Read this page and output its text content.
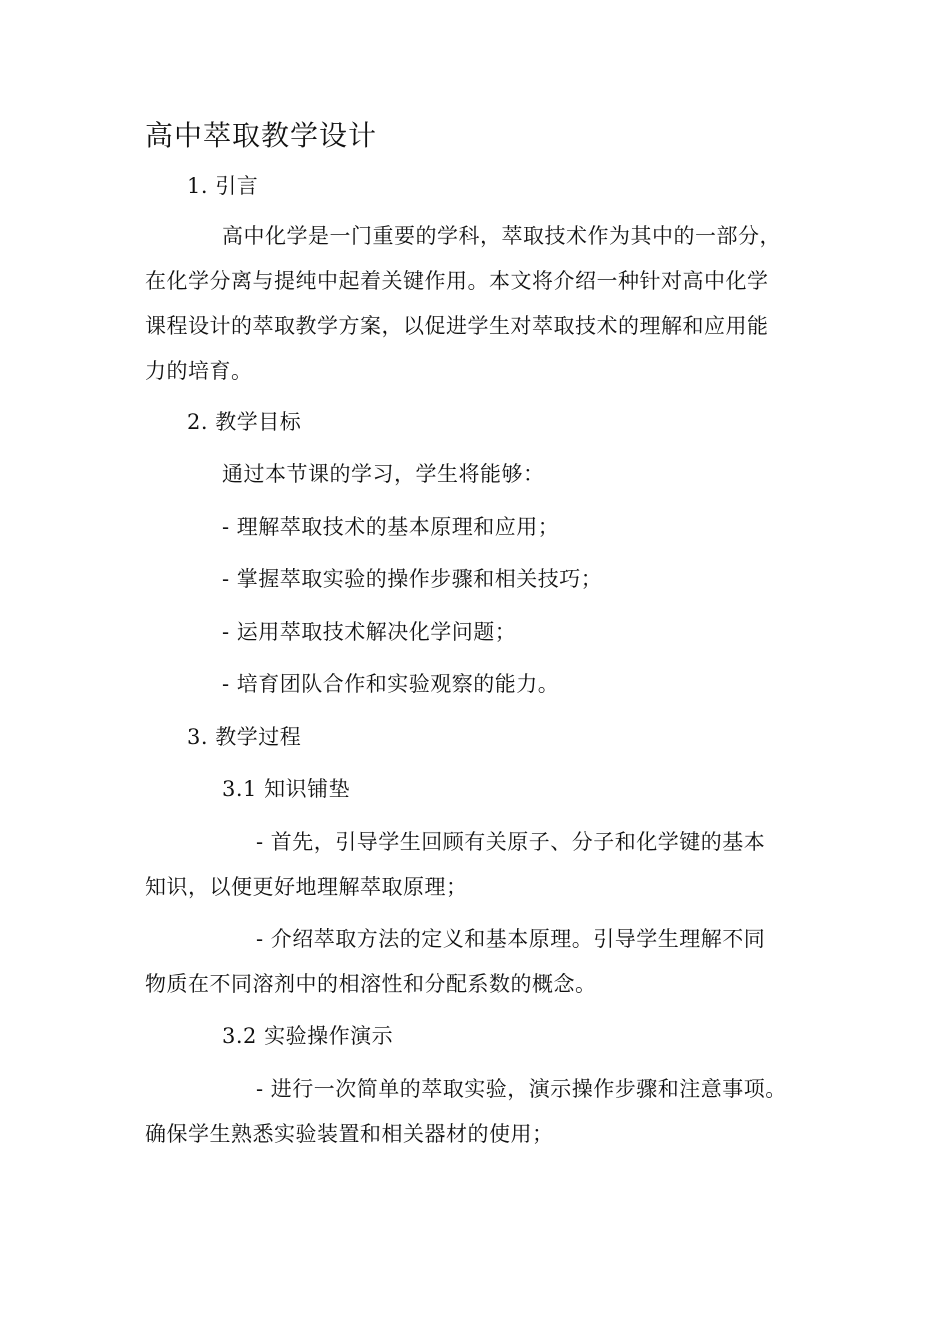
高中萃取教学设计
1. 引言
高中化学是一门重要的学科，萃取技术作为其中的一部分，
在化学分离与提纯中起着关键作用。本文将介绍一种针对高中化学
课程设计的萃取教学方案，以促进学生对萃取技术的理解和应用能
力的培育。
2. 教学目标
通过本节课的学习，学生将能够：
- 理解萃取技术的基本原理和应用；
- 掌握萃取实验的操作步骤和相关技巧；
- 运用萃取技术解决化学问题；
- 培育团队合作和实验观察的能力。
3. 教学过程
3.1 知识铺垫
- 首先，引导学生回顾有关原子、分子和化学键的基本
知识，以便更好地理解萃取原理；
- 介绍萃取方法的定义和基本原理。引导学生理解不同
物质在不同溶剂中的相溶性和分配系数的概念。
3.2 实验操作演示
- 进行一次简单的萃取实验，演示操作步骤和注意事项。
确保学生熟悉实验装置和相关器材的使用；
